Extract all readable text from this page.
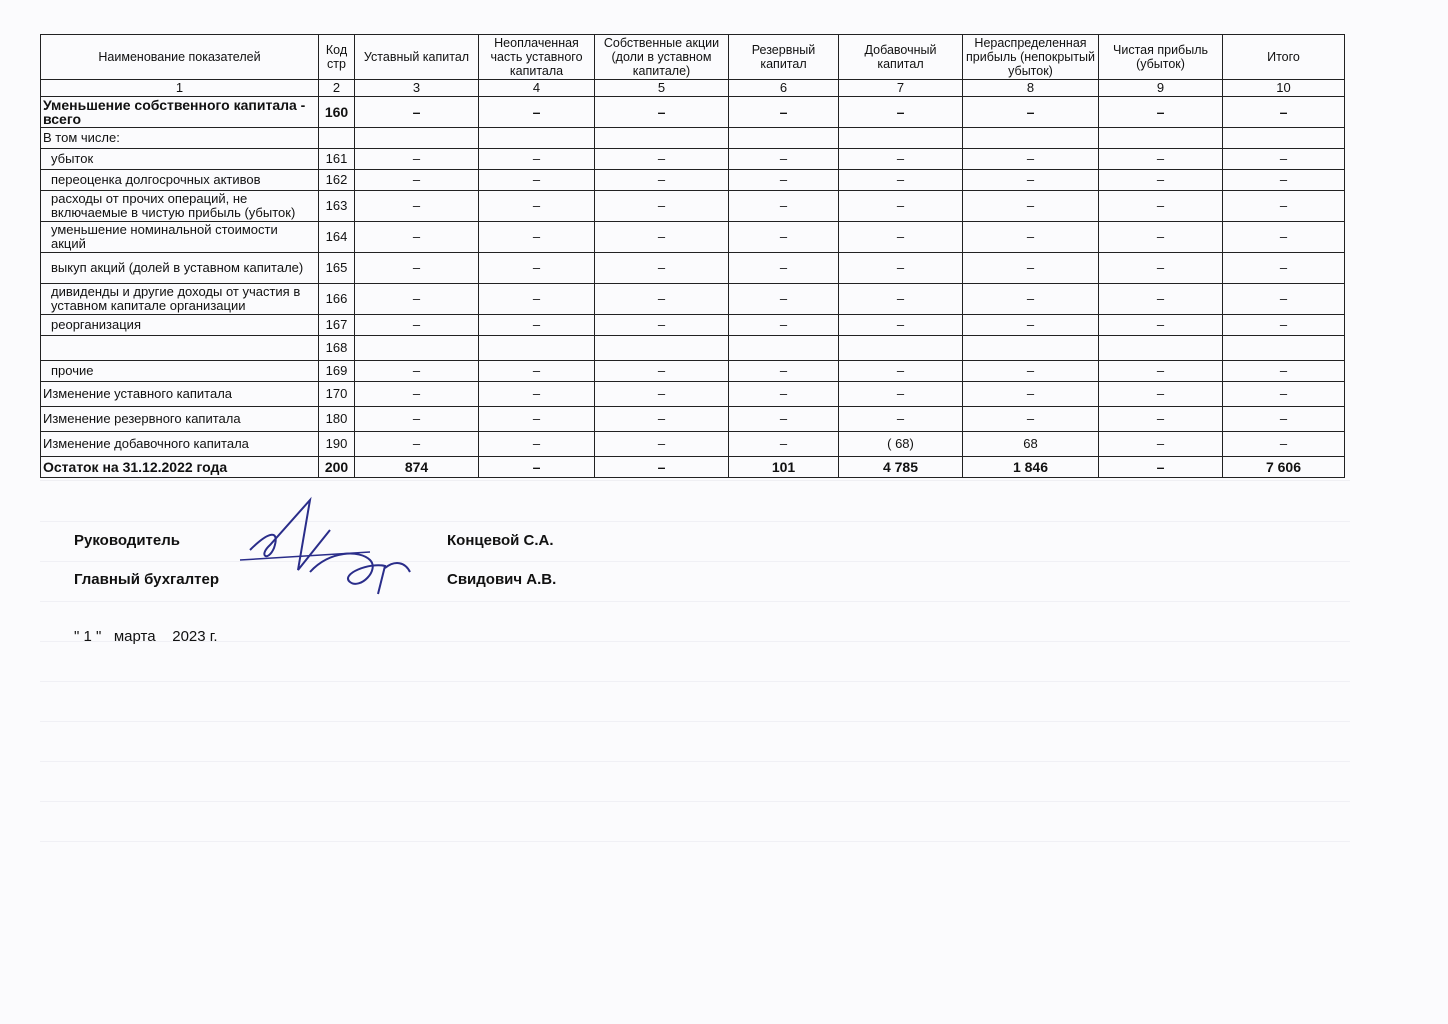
Наименование показателей	Код стр	Уставный капитал	Неоплаченная часть уставного капитала	Собственные акции (доли в уставном капитале)	Резервный капитал	Добавочный капитал	Нераспределенная прибыль (непокрытый убыток)	Чистая прибыль (убыток)	Итого
1	2	3	4	5	6	7	8	9	10
Уменьшение собственного капитала - всего	160	–	–	–	–	–	–	–	–
В том числе:									
убыток	161	–	–	–	–	–	–	–	–
переоценка долгосрочных активов	162	–	–	–	–	–	–	–	–
расходы от прочих операций, не включаемые в чистую прибыль (убыток)	163	–	–	–	–	–	–	–	–
уменьшение номинальной стоимости акций	164	–	–	–	–	–	–	–	–
выкуп акций (долей в уставном капитале)	165	–	–	–	–	–	–	–	–
дивиденды и другие доходы от участия в уставном капитале организации	166	–	–	–	–	–	–	–	–
реорганизация	167	–	–	–	–	–	–	–	–
	168								
прочие	169	–	–	–	–	–	–	–	–
Изменение уставного капитала	170	–	–	–	–	–	–	–	–
Изменение резервного капитала	180	–	–	–	–	–	–	–	–
Изменение добавочного капитала	190	–	–	–	–	( 68)	68	–	–
Остаток на 31.12.2022 года	200	874	–	–	101	4 785	1 846	–	7 606
Руководитель	Концевой С.А.
Главный бухгалтер	Свидович А.В.
" 1 " марта 2023 г.
